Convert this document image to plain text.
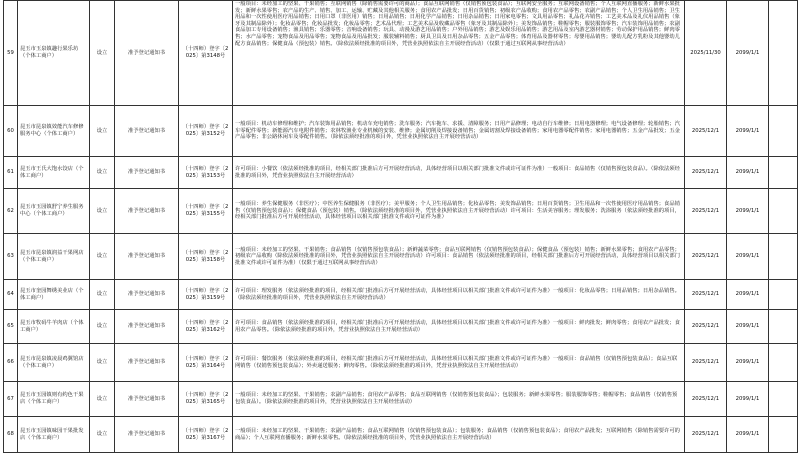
59	昆玉市玉泉镇趣行果乐坊（个体工商户）	设立	准予登记通知书	（十四师）登字〔2025〕第3148号	一般项目：未经加工的坚果、干果销售；互联网销售（除销售需要许可的商品）；食品互联网销售（仅销售预包装食品）；互联网安全服务；互联网设备销售；个人互联网直播服务；新鲜水果批发；新鲜水果零售；农产品的生产、销售、加工、运输、贮藏及其他相关服务；食用农产品批发；日用百货销售；初级农产品收购；食用农产品零售；农副产品销售；个人卫生用品销售；卫生用品和一次性使用医疗用品销售；日用口罩（非医用）销售；日用品销售；日用化学产品销售；日用杂品销售；日用家电零售；文具用品零售；礼品花卉销售；工艺美术品及礼仪用品销售（象牙及其制品除外）；化妆品零售；化妆品批发；化妆品零售；艺术品代理；工艺美术品及收藏品零售（象牙及其制品除外）；美发饰品销售；鞋帽零售；服装服饰零售；汽车装饰用品销售；农副食品加工专用设备销售；渔具销售；乐器零售；音响设备销售；玩具、动漫及游艺用品销售；户外用品销售；游艺及娱乐用品销售；游艺用品及室内游艺器材销售；劳动保护用品销售；鲜肉零售；水产品零售；宠物食品及用品零售；宠物食品及用品批发；服装辅料销售；厨具卫具及日用杂品零售；五金产品零售；体育用品及器材零售；母婴用品销售；婴幼儿配方乳粉及其他婴幼儿配方食品销售；保健食品（预包装）销售。（除依法须经批准的项目外，凭营业执照依法自主开展经营活动）（仅限于通过互联网从事经营活动）	2025/11/30	2099/1/1	
60	昆玉市昆泉镇效能汽车修修服务中心（个体工商户）	设立	准予登记通知书	（十四师）登字〔2025〕第3152号	一般项目：机动车修理和维护；汽车装饰用品销售；机动车充电销售；洗车服务；汽车拖车、求援、清障服务；日用产品修理；电动自行车维修；日用电器修理；电气设备修理；轮胎销售；汽车零配件零售；新能源汽车电附件销售；农林牧渔业专业机械的安装、维修；金属切削及焊接设备销售；金属切割及焊接设备销售；家用电器零配件销售；家用电器销售；五金产品批发；五金产品零售；非公路休闲车及零配件销售。（除依法须经批准的项目外，凭营业执照依法自主开展经营活动）	2025/12/1	2099/1/1	
61	昆玉市王氏大饱水饺店（个体工商户）	设立	准予登记通知书	（十四师）登字〔2025〕第3153号	许可项目：小餐饮（依法须经批准的项目，经相关部门批准后方可开展经营活动，具体经营项目以相关部门批准文件或许可证件为准）一般项目：食品销售（仅销售预包装食品）。（除依法须经批准的项目外，凭营业执照依法自主开展经营活动）	2025/12/1	2099/1/1	
62	昆玉市玉园镇舒宁养生服务中心（个体工商户）	设立	准予登记通知书	（十四师）登字〔2025〕第3155号	一般项目：养生保健服务（非医疗）；中医养生保健服务（非医疗）；美甲服务；个人卫生用品销售；化妆品零售；美发饰品销售；日用百货销售；卫生用品和一次性使用医疗用品销售；食品销售（仅销售预包装食品）；保健食品（预包装）销售。（除依法须经批准的项目外，凭营业执照依法自主开展经营活动）许可项目：生活美容服务；理发服务；洗浴服务（依法须经批准的项目，经相关部门批准后方可开展经营活动，具体经营项目以相关部门批准文件或许可证件为准）	2025/12/1	2099/1/1	
63	昆玉市昆泉镇润益干果网店（个体工商户）	设立	准予登记通知书	（十四师）登字〔2025〕第3158号	一般项目：未经加工的坚果、干果销售；食品销售（仅销售预包装食品）；新鲜蔬菜零售；食品互联网销售（仅销售预包装食品）；保健食品（预包装）销售；新鲜水果零售；食用农产品零售；初级农产品收购（除依法须经批准的项目外，凭营业执照依法自主开展经营活动）许可项目：食品销售（依法须经批准的项目，经相关部门批准后方可开展经营活动，具体经营项目以相关部门批准文件或许可证件为准）（仅限于通过互联网从事经营活动）	2025/12/1	2099/1/1	
64	昆玉市奎园舞绣美业店（个体工商户）	设立	准予登记通知书	（十四师）登字〔2025〕第3159号	许可项目：理发服务（依法须经批准的项目，经相关部门批准后方可开展经营活动，具体经营项目以相关部门批准文件或许可证件为准）一般项目：化妆品零售；日用品销售；日用杂品销售。（除依法须经批准的项目外，凭营业执照依法自主开展经营活动）	2025/12/1	2099/1/1	
65	昆玉市牧码牛羊肉店（个体工商户）	设立	准予登记通知书	（十四师）登字〔2025〕第3162号	许可项目：食品销售（依法须经批准的项目，经相关部门批准后方可开展经营活动，具体经营项目以相关部门批准文件或许可证件为准）一般项目：鲜肉批发；鲜肉零售；食用农产品批发；食用农产品零售。（除依法须经批准的项目外，凭营业执照依法自主开展经营活动）	2025/12/1	2099/1/1	
66	昆玉市昆泉镇凌晨鸡翼馆店（个体工商户）	设立	准予登记通知书	（十四师）登字〔2025〕第3164号	许可项目：餐饮服务（依法须经批准的项目，经相关部门批准后方可开展经营活动，具体经营项目以相关部门批准文件或许可证件为准）一般项目：食品销售（仅销售预包装食品）；食品互联网销售（仅销售预包装食品）；外卖递送服务；鲜肉零售。（除依法须经批准的项目外，凭营业执照依法自主开展经营活动）	2025/12/1	2099/1/1	
67	昆玉市玉园镇则有约色干果店（个体工商户）	设立	准予登记通知书	（十四师）登字〔2025〕第3165号	一般项目：未经加工的坚果、干果销售；农副产品销售；食用农产品零售；食品互联网销售（仅销售预包装食品）；包装服务；新鲜水果零售；服装服饰零售；鞋帽零售；食品销售（仅销售预包装食品）。（除依法须经批准的项目外，凭营业执照依法自主开展经营活动）	2025/12/1	2099/1/1	
68	昆玉市玉园镇味园干果批发店（个体工商户）	设立	准予登记通知书	（十四师）登字〔2025〕第3167号	一般项目：未经加工的坚果、干果销售；农副产品销售；食品互联网销售（仅销售预包装食品）；包装服务；食品销售（仅销售预包装食品）；食用农产品批发；互联网销售（除销售需要许可的商品）；个人互联网直播服务；新鲜水果零售。（除依法须经批准的项目外，凭营业执照依法自主开展经营活动）	2025/12/1	2099/1/1	
